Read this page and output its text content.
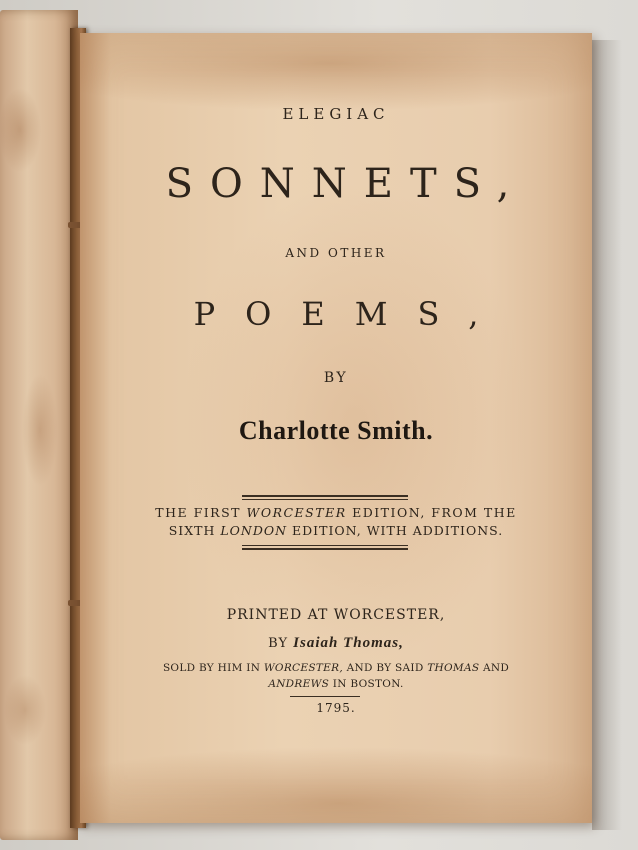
ELEGIAC
SONNETS,
AND OTHER
POEMS,
BY
Charlotte Smith.
THE FIRST WORCESTER EDITION, FROM THE
SIXTH LONDON EDITION, WITH ADDITIONS.
PRINTED AT WORCESTER,
BY Isaiah Thomas,
SOLD BY HIM IN WORCESTER, AND BY SAID THOMAS AND
ANDREWS IN BOSTON.
1795.
